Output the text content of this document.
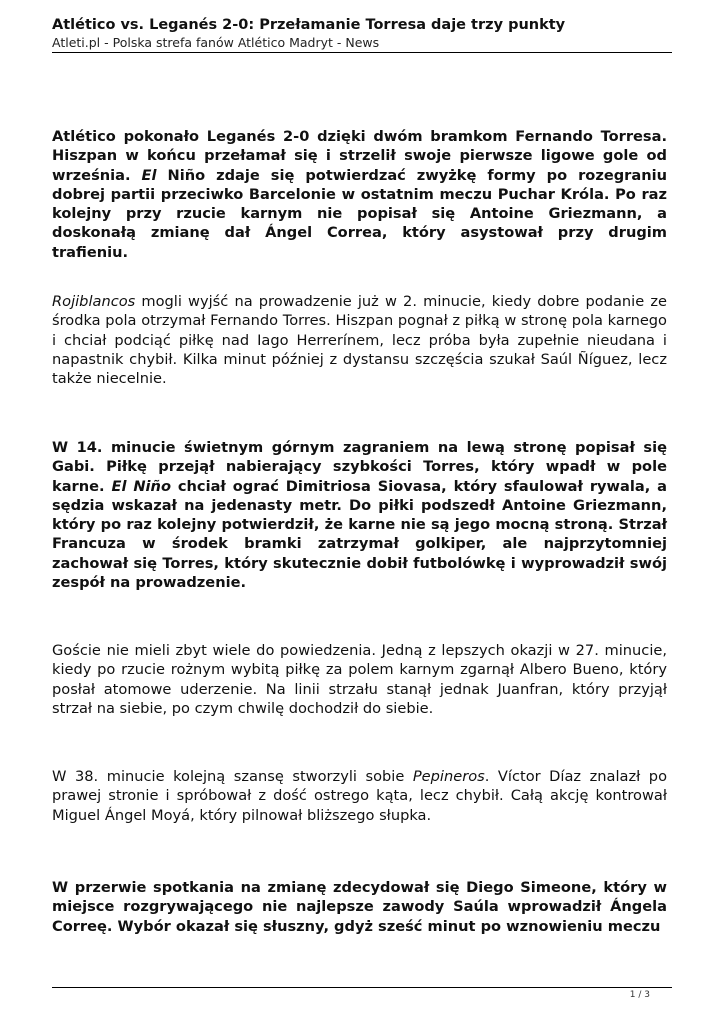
Atlético vs. Leganés 2-0: Przełamanie Torresa daje trzy punkty
Atleti.pl - Polska strefa fanów Atlético Madryt - News

Atlético pokonało Leganés 2-0 dzięki dwóm bramkom Fernando Torresa. Hiszpan w końcu przełamał się i strzelił swoje pierwsze ligowe gole od września. El Niño zdaje się potwierdzać zwyżkę formy po rozegraniu dobrej partii przeciwko Barcelonie w ostatnim meczu Puchar Króla. Po raz kolejny przy rzucie karnym nie popisał się Antoine Griezmann, a doskonałą zmianę dał Ángel Correa, który asystował przy drugim trafieniu.

Rojiblancos mogli wyjść na prowadzenie już w 2. minucie, kiedy dobre podanie ze środka pola otrzymał Fernando Torres. Hiszpan pognał z piłką w stronę pola karnego i chciał podciąć piłkę nad Iago Herrerínem, lecz próba była zupełnie nieudana i napastnik chybił. Kilka minut później z dystansu szczęścia szukał Saúl Ñíguez, lecz także niecelnie.

W 14. minucie świetnym górnym zagraniem na lewą stronę popisał się Gabi. Piłkę przejął nabierający szybkości Torres, który wpadł w pole karne. El Niño chciał ograć Dimitriosa Siovasa, który sfaulował rywala, a sędzia wskazał na jedenasty metr. Do piłki podszedł Antoine Griezmann, który po raz kolejny potwierdził, że karne nie są jego mocną stroną. Strzał Francuza w środek bramki zatrzymał golkiper, ale najprzytomniej zachował się Torres, który skutecznie dobił futbolówkę i wyprowadził swój zespół na prowadzenie.

Goście nie mieli zbyt wiele do powiedzenia. Jedną z lepszych okazji w 27. minucie, kiedy po rzucie rożnym wybitą piłkę za polem karnym zgarnął Albero Bueno, który posłał atomowe uderzenie. Na linii strzału stanął jednak Juanfran, który przyjął strzał na siebie, po czym chwilę dochodził do siebie.

W 38. minucie kolejną szansę stworzyli sobie Pepineros. Víctor Díaz znalazł po prawej stronie i spróbował z dość ostrego kąta, lecz chybił. Całą akcję kontrował Miguel Ángel Moyá, który pilnował bliższego słupka.

W przerwie spotkania na zmianę zdecydował się Diego Simeone, który w miejsce rozgrywającego nie najlepsze zawody Saúla wprowadził Ángela Correę. Wybór okazał się słuszny, gdyż sześć minut po wznowieniu meczu

1 / 3
